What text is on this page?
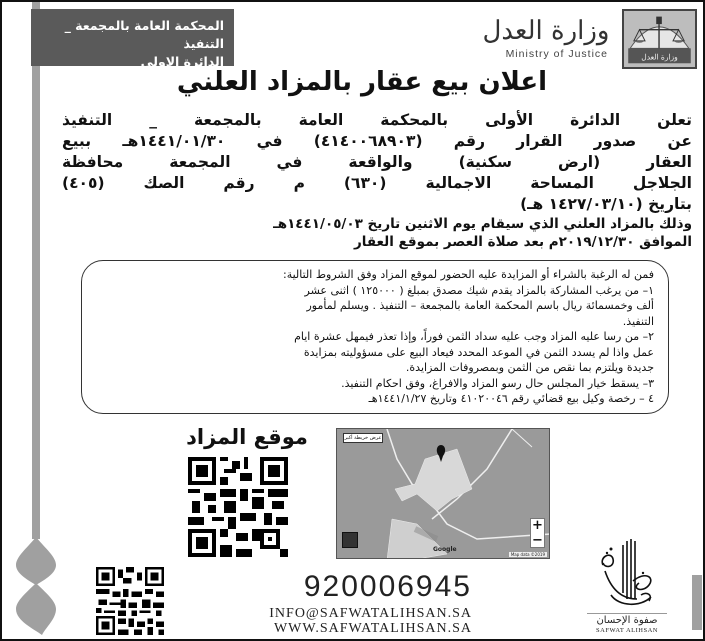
المحكمة العامة بالمجمعة _ التنفيذ
الدائرة الاولى
وزارة العدل
Ministry of Justice	وزارة العدل
اعلان بيع عقار بالمزاد العلني
تعلن الدائرة الأولى بالمحكمة العامة بالمجمعة _ التنفيذ
عن صدور القرار رقم (٤١٤٠٠٦٨٩٠٣) في ١٤٤١/٠١/٣٠هـ ببيع
العقار (ارض سكنية) والواقعة في المجمعة محافظة
الجلاجل المساحة الاجمالية (٦٣٠) م رقم الصك (٤٠٥)
بتاريخ (١٤٢٧/٠٣/١٠ هـ)
وذلك بالمزاد العلني الذي سيقام يوم الاثنين تاريخ ١٤٤١/٠٥/٠٣هـ
الموافق ٢٠١٩/١٢/٣٠م بعد صلاة العصر بموقع العقار
فمن له الرغبة بالشراء أو المزايدة عليه الحضور لموقع المزاد وفق الشروط التالية:
١– من يرغب المشاركة بالمزاد يقدم شيك مصدق بمبلغ ( ١٢٥٠٠٠ ) اثنى عشر
ألف وخمسمائة ريال باسم المحكمة العامة بالمجمعة – التنفيذ . ويسلم لمأمور
التنفيذ.
٢– من رسا عليه المزاد وجب عليه سداد الثمن فوراً، وإذا تعذر فيمهل عشرة ايام
عمل واذا لم يسدد الثمن في الموعد المحدد فيعاد البيع على مسؤوليته بمزايدة
جديدة ويلتزم بما نقص من الثمن وبمصروفات المزايدة.
٣– يسقط خيار المجلس حال رسو المزاد والافراغ، وفق احكام التنفيذ.
٤ – رخصة وكيل بيع قضائي رقم ٤١٠٢٠٠٤٦ وتاريخ ١٤٤١/١/٢٧هـ
موقع المزاد	عرض خريطة أكبر
+
−
Google
Map data ©2019
920006945
INFO@SAFWATALIHSAN.SA
WWW.SAFWATALIHSAN.SA
صفوة الإحسان
SAFWAT ALIHSAN
